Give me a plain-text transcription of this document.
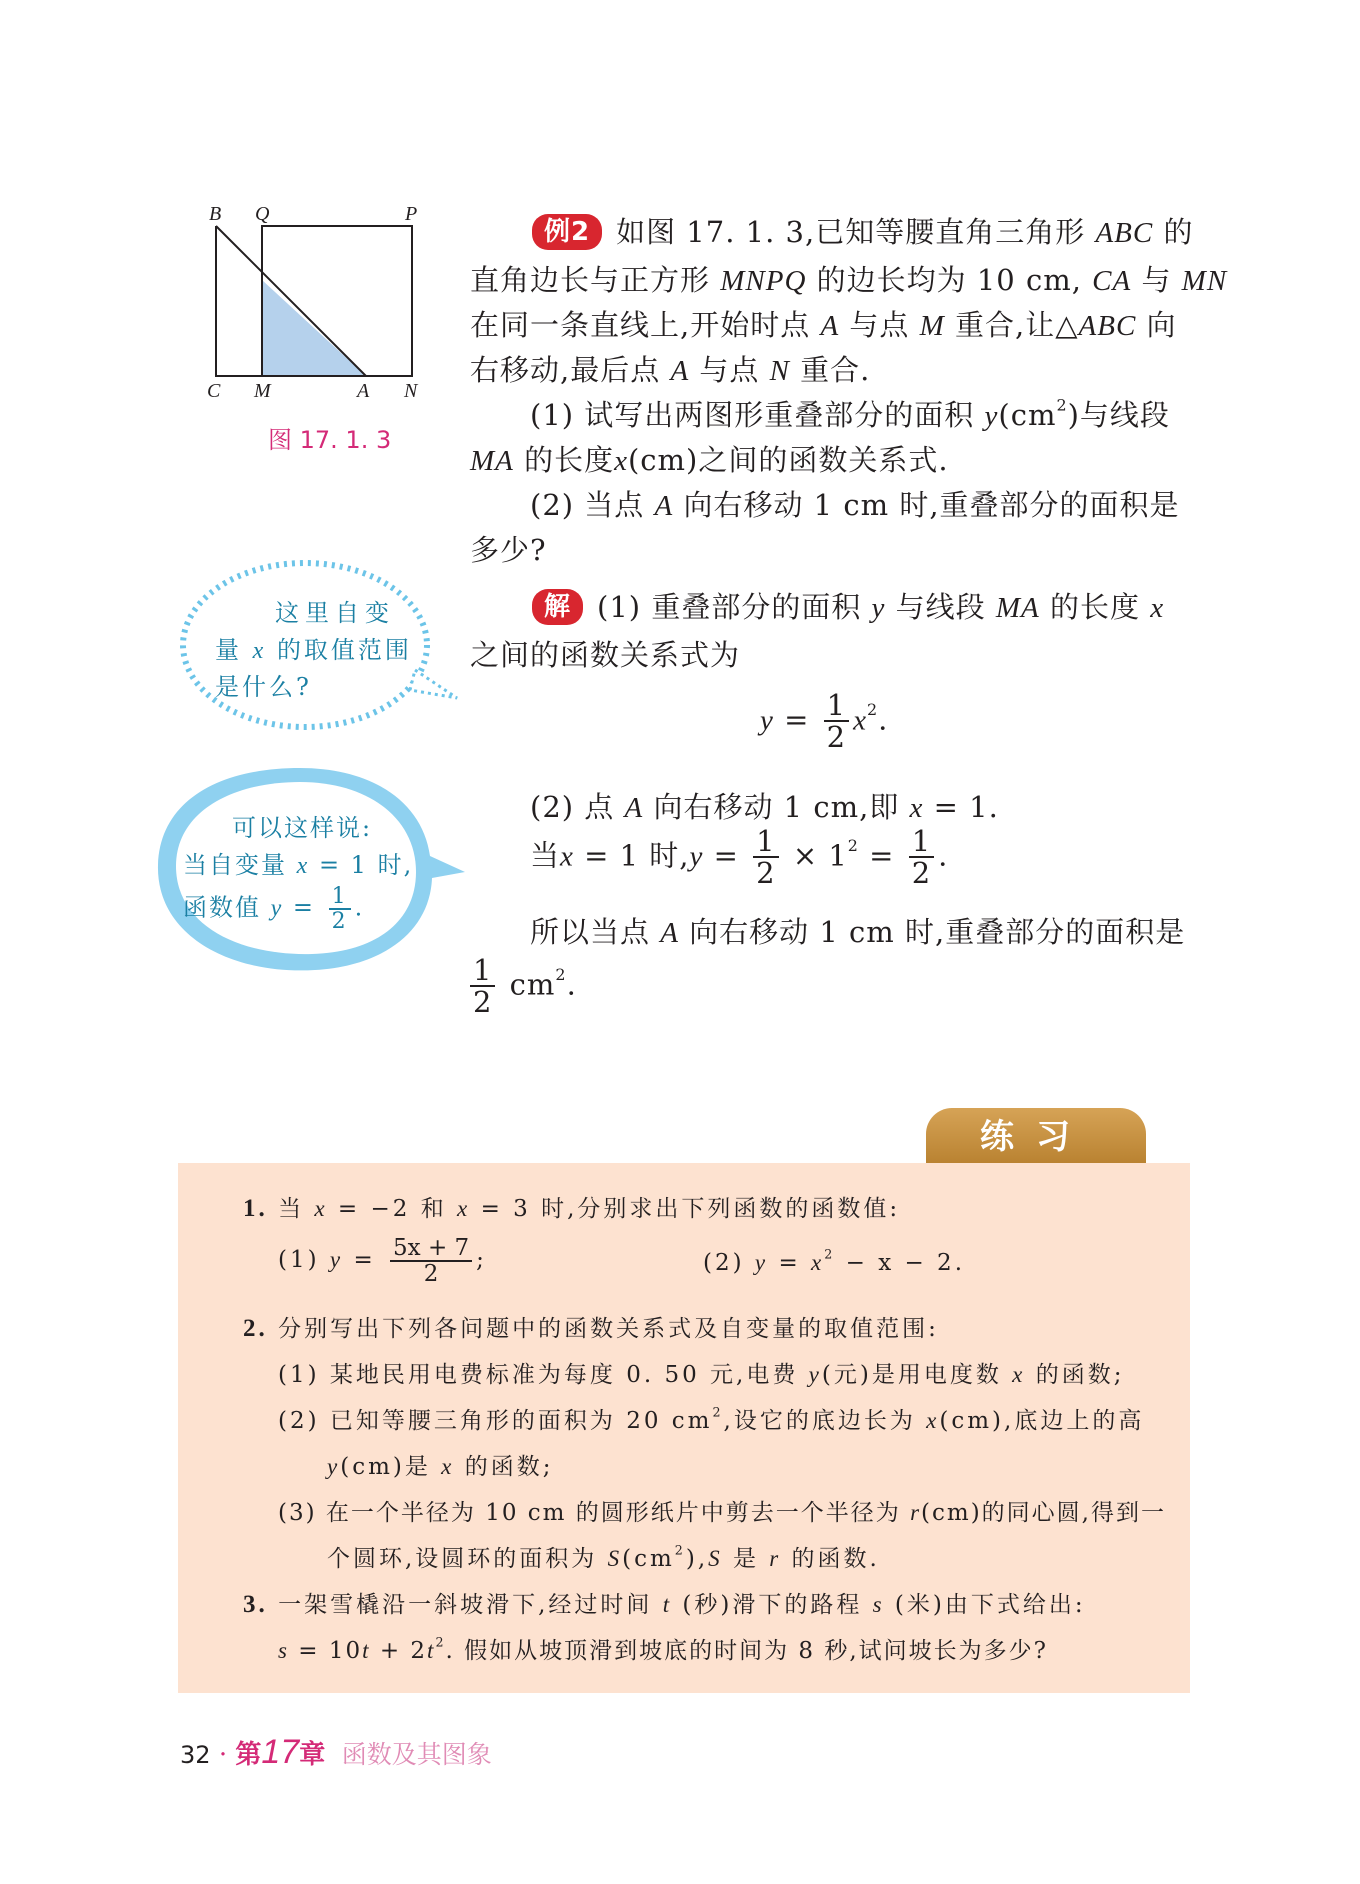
B Q	P
C M	A N
图 17. 1. 3
这里自变
量 x 的取值范围
是什么?
可以这样说:
当自变量 x = 1 时,
函数值 $y = \frac{1}{2}$ .
例2 如图 17. 1. 3,已知等腰直角三角形 ABC 的
直角边长与正方形 MNPQ 的边长均为 10 cm, CA 与 MN
在同一条直线上,开始时点 A 与点 M 重合,让△ABC 向
右移动,最后点 A 与点 N 重合.
(1) 试写出两图形重叠部分的面积 $y(cm^2)$与线段
MA 的长度x(cm)之间的函数关系式.
(2) 当点 A 向右移动 1 cm 时,重叠部分的面积是
多少?
解 (1) 重叠部分的面积 y 与线段 MA 的长度 x
之间的函数关系式为
$y = \frac{1}{2} x^2$.
(2) 点 A 向右移动 1 cm,即 x = 1.
当x = 1 时$,y = \frac{1}{2} \times 1^2 = \frac{1}{2}$ .
所以当点 A 向右移动 1 cm 时,重叠部分的面积是
$\frac{1}{2} cm^2$.
练习
1. 当 x = −2 和 x = 3 时,分别求出下列函数的函数值:
(1) $y = \frac{5x + 7}{2}$ ;	(2) $y = x^2 - x - 2$.
2. 分别写出下列各问题中的函数关系式及自变量的取值范围:
(1) 某地民用电费标准为每度 0. 50 元,电费 y(元)是用电度数 x 的函数;
(2) 已知等腰三角形的面积为 20 $cm^2$,设它的底边长为 x(cm),底边上的高
y(cm)是 x 的函数;
(3) 在一个半径为 10 cm 的圆形纸片中剪去一个半径为 r(cm)的同心圆,得到一
个圆环,设圆环的面积为 $S(cm^2),S$ 是 r 的函数.
3. 一架雪橇沿一斜坡滑下,经过时间 t (秒)滑下的路程 s (米)由下式给出:
$s = 10t + 2t^2$. 假如从坡顶滑到坡底的时间为 8 秒,试问坡长为多少?
32 · 第17章 函数及其图象
